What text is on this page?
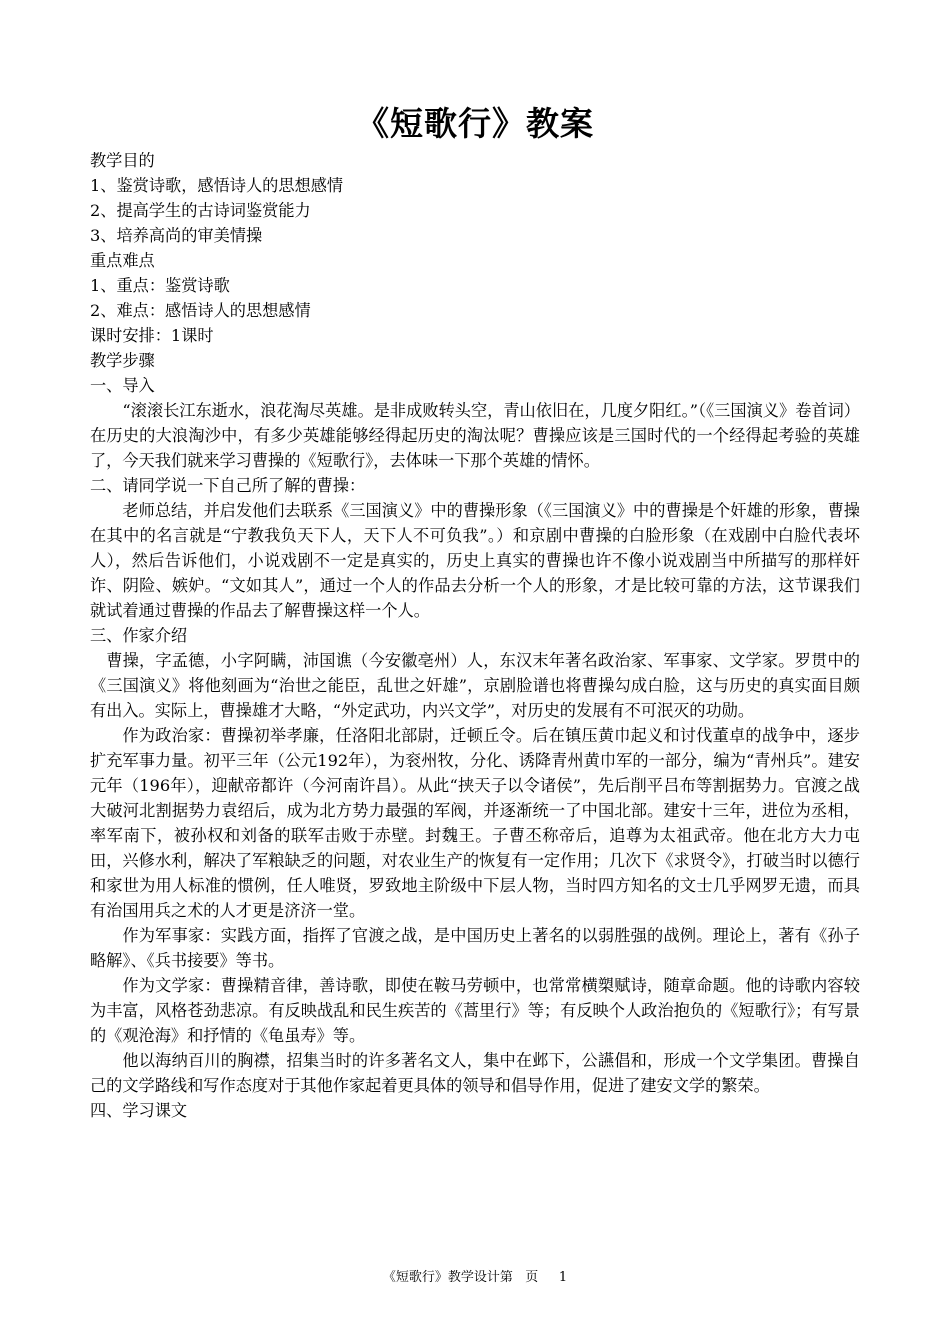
《短歌行》教案
教学目的
1、鉴赏诗歌，感悟诗人的思想感情
2、提高学生的古诗词鉴赏能力
3、培养高尚的审美情操
重点难点
1、重点：鉴赏诗歌
2、难点：感悟诗人的思想感情
课时安排：1课时
教学步骤
一、导入
“滚滚长江东逝水，浪花淘尽英雄。是非成败转头空，青山依旧在，几度夕阳红。”（《三国演义》卷首词）在历史的大浪淘沙中，有多少英雄能够经得起历史的淘汰呢？曹操应该是三国时代的一个经得起考验的英雄了，今天我们就来学习曹操的《短歌行》，去体味一下那个英雄的情怀。
二、请同学说一下自己所了解的曹操：
老师总结，并启发他们去联系《三国演义》中的曹操形象（《三国演义》中的曹操是个奸雄的形象，曹操在其中的名言就是“宁教我负天下人，天下人不可负我”。）和京剧中曹操的白脸形象（在戏剧中白脸代表坏人），然后告诉他们，小说戏剧不一定是真实的，历史上真实的曹操也许不像小说戏剧当中所描写的那样奸诈、阴险、嫉妒。“文如其人”，通过一个人的作品去分析一个人的形象，才是比较可靠的方法，这节课我们就试着通过曹操的作品去了解曹操这样一个人。
三、作家介绍
曹操，字孟德，小字阿瞒，沛国谯（今安徽亳州）人，东汉末年著名政治家、军事家、文学家。罗贯中的《三国演义》将他刻画为“治世之能臣，乱世之奸雄”，京剧脸谱也将曹操勾成白脸，这与历史的真实面目颇有出入。实际上，曹操雄才大略，“外定武功，内兴文学”，对历史的发展有不可泯灭的功勋。
作为政治家：曹操初举孝廉，任洛阳北部尉，迁顿丘令。后在镇压黄巾起义和讨伐董卓的战争中，逐步扩充军事力量。初平三年（公元192年），为衮州牧，分化、诱降青州黄巾军的一部分，编为“青州兵”。建安元年（196年），迎献帝都许（今河南许昌）。从此“挟天子以令诸侯”，先后削平吕布等割据势力。官渡之战大破河北割据势力袁绍后，成为北方势力最强的军阀，并逐渐统一了中国北部。建安十三年，进位为丞相，率军南下，被孙权和刘备的联军击败于赤壁。封魏王。子曹丕称帝后，追尊为太祖武帝。他在北方大力屯田，兴修水利，解决了军粮缺乏的问题，对农业生产的恢复有一定作用；几次下《求贤令》，打破当时以德行和家世为用人标准的惯例，任人唯贤，罗致地主阶级中下层人物，当时四方知名的文士几乎网罗无遗，而具有治国用兵之术的人才更是济济一堂。
作为军事家：实践方面，指挥了官渡之战，是中国历史上著名的以弱胜强的战例。理论上，著有《孙子略解》、《兵书接要》等书。
作为文学家：曹操精音律，善诗歌，即使在鞍马劳顿中，也常常横槊赋诗，随章命题。他的诗歌内容较为丰富，风格苍劲悲凉。有反映战乱和民生疾苦的《蒿里行》等；有反映个人政治抱负的《短歌行》；有写景的《观沧海》和抒情的《龟虽寿》等。
他以海纳百川的胸襟，招集当时的许多著名文人，集中在邺下，公讌倡和，形成一个文学集团。曹操自己的文学路线和写作态度对于其他作家起着更具体的领导和倡导作用，促进了建安文学的繁荣。
四、学习课文
《短歌行》教学设计第   页     1
